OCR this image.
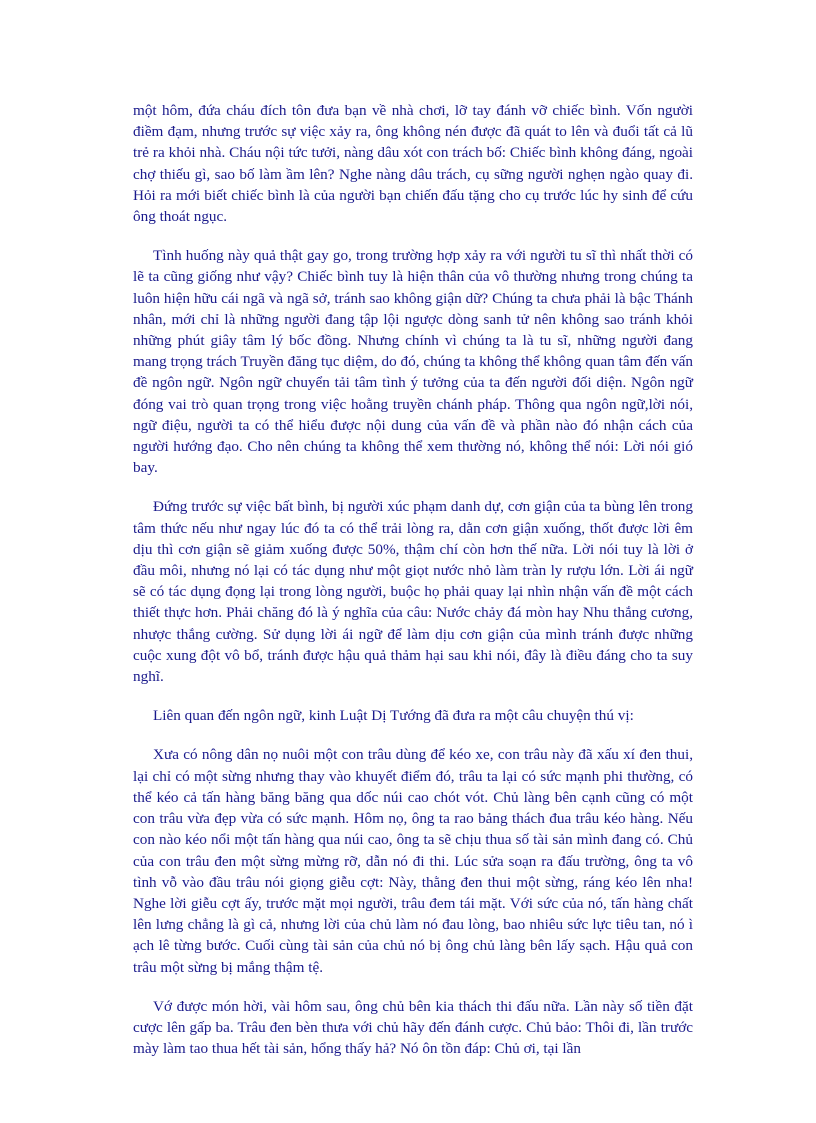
một hôm, đứa cháu đích tôn đưa bạn về nhà chơi, lỡ tay đánh vỡ chiếc bình. Vốn người điềm đạm, nhưng trước sự việc xảy ra, ông không nén được đã quát to lên và đuổi tất cả lũ trẻ ra khỏi nhà. Cháu nội tức tưởi, nàng dâu xót con trách bố: Chiếc bình không đáng, ngoài chợ thiếu gì, sao bố làm ầm lên? Nghe nàng dâu trách, cụ sững người nghẹn ngào quay đi. Hỏi ra mới biết chiếc bình là của người bạn chiến đấu tặng cho cụ trước lúc hy sinh để cứu ông thoát ngục.

Tình huống này quả thật gay go, trong trường hợp xảy ra với người tu sĩ thì nhất thời có lẽ ta cũng giống như vậy? Chiếc bình tuy là hiện thân của vô thường nhưng trong chúng ta luôn hiện hữu cái ngã và ngã sở, tránh sao không giận dữ? Chúng ta chưa phải là bậc Thánh nhân, mới chỉ là những người đang tập lội ngược dòng sanh tử nên không sao tránh khỏi những phút giây tâm lý bốc đồng. Nhưng chính vì chúng ta là tu sĩ, những người đang mang trọng trách Truyền đăng tục diệm, do đó, chúng ta không thể không quan tâm đến vấn đề ngôn ngữ. Ngôn ngữ chuyển tải tâm tình ý tưởng của ta đến người đối diện. Ngôn ngữ đóng vai trò quan trọng trong việc hoằng truyền chánh pháp. Thông qua ngôn ngữ,lời nói, ngữ điệu, người ta có thể hiểu được nội dung của vấn đề và phần nào đó nhận cách của người hướng đạo. Cho nên chúng ta không thể xem thường nó, không thể nói: Lời nói gió bay.

Đứng trước sự việc bất bình, bị người xúc phạm danh dự, cơn giận của ta bùng lên trong tâm thức nếu như ngay lúc đó ta có thể trải lòng ra, dằn cơn giận xuống, thốt được lời êm dịu thì cơn giận sẽ giảm xuống được 50%, thậm chí còn hơn thế nữa. Lời nói tuy là lời ở đầu môi, nhưng nó lại có tác dụng như một giọt nước nhỏ làm tràn ly rượu lớn. Lời ái ngữ sẽ có tác dụng đọng lại trong lòng người, buộc họ phải quay lại nhìn nhận vấn đề một cách thiết thực hơn. Phải chăng đó là ý nghĩa của câu: Nước chảy đá mòn hay Nhu thắng cương, nhược thắng cường. Sử dụng lời ái ngữ để làm dịu cơn giận của mình tránh được những cuộc xung đột vô bổ, tránh được hậu quả thảm hại sau khi nói, đây là điều đáng cho ta suy nghĩ.

Liên quan đến ngôn ngữ, kinh Luật Dị Tướng đã đưa ra một câu chuyện thú vị:

Xưa có nông dân nọ nuôi một con trâu dùng để kéo xe, con trâu này đã xấu xí đen thui, lại chỉ có một sừng nhưng thay vào khuyết điểm đó, trâu ta lại có sức mạnh phi thường, có thể kéo cả tấn hàng băng băng qua dốc núi cao chót vót. Chủ làng bên cạnh cũng có một con trâu vừa đẹp vừa có sức mạnh. Hôm nọ, ông ta rao bảng thách đua trâu kéo hàng. Nếu con nào kéo nổi một tấn hàng qua núi cao, ông ta sẽ chịu thua số tài sản mình đang có. Chủ của con trâu đen một sừng mừng rỡ, dẫn nó đi thi. Lúc sửa soạn ra đấu trường, ông ta vô tình vỗ vào đầu trâu nói giọng giễu cợt: Này, thằng đen thui một sừng, ráng kéo lên nha! Nghe lời giễu cợt ấy, trước mặt mọi người, trâu đem tái mặt. Với sức của nó, tấn hàng chất lên lưng chẳng là gì cả, nhưng lời của chủ làm nó đau lòng, bao nhiêu sức lực tiêu tan, nó ì ạch lê từng bước. Cuối cùng tài sản của chủ nó bị ông chủ làng bên lấy sạch. Hậu quả con trâu một sừng bị mắng thậm tệ.

Vớ được món hời, vài hôm sau, ông chủ bên kia thách thi đấu nữa. Lần này số tiền đặt cược lên gấp ba. Trâu đen bèn thưa với chủ hãy đến đánh cược. Chủ bảo: Thôi đi, lần trước mày làm tao thua hết tài sản, hổng thấy hả? Nó ôn tồn đáp: Chủ ơi, tại lần
